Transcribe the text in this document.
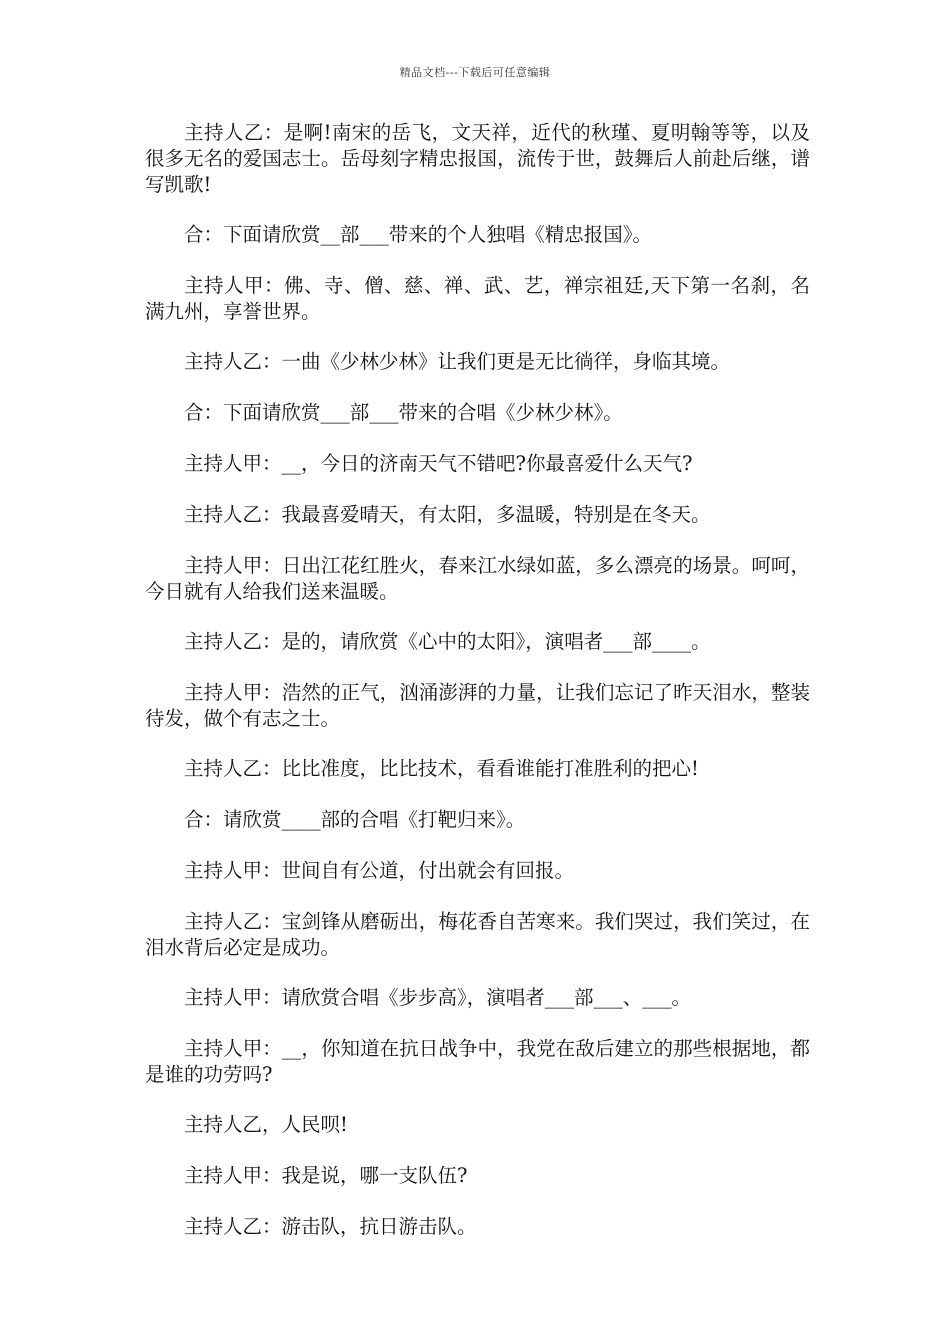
精品文档---下载后可任意编辑

主持人乙：是啊!南宋的岳飞，文天祥，近代的秋瑾、夏明翰等等，以及很多无名的爱国志士。岳母刻字精忠报国，流传于世，鼓舞后人前赴后继，谱写凯歌!

合：下面请欣赏__部___带来的个人独唱《精忠报国》。

主持人甲：佛、寺、僧、慈、禅、武、艺，禅宗祖廷,天下第一名刹，名满九州，享誉世界。

主持人乙：一曲《少林少林》让我们更是无比徜徉，身临其境。

合：下面请欣赏___部___带来的合唱《少林少林》。

主持人甲：__，今日的济南天气不错吧?你最喜爱什么天气?

主持人乙：我最喜爱晴天，有太阳，多温暖，特别是在冬天。

主持人甲：日出江花红胜火，春来江水绿如蓝，多么漂亮的场景。呵呵，今日就有人给我们送来温暖。

主持人乙：是的，请欣赏《心中的太阳》，演唱者___部____。

主持人甲：浩然的正气，汹涌澎湃的力量，让我们忘记了昨天泪水，整装待发，做个有志之士。

主持人乙：比比准度，比比技术，看看谁能打准胜利的把心!

合：请欣赏____部的合唱《打靶归来》。

主持人甲：世间自有公道，付出就会有回报。

主持人乙：宝剑锋从磨砺出，梅花香自苦寒来。我们哭过，我们笑过，在泪水背后必定是成功。

主持人甲：请欣赏合唱《步步高》，演唱者___部___、___。

主持人甲：__，你知道在抗日战争中，我党在敌后建立的那些根据地，都是谁的功劳吗?

主持人乙，人民呗!

主持人甲：我是说，哪一支队伍?

主持人乙：游击队，抗日游击队。
